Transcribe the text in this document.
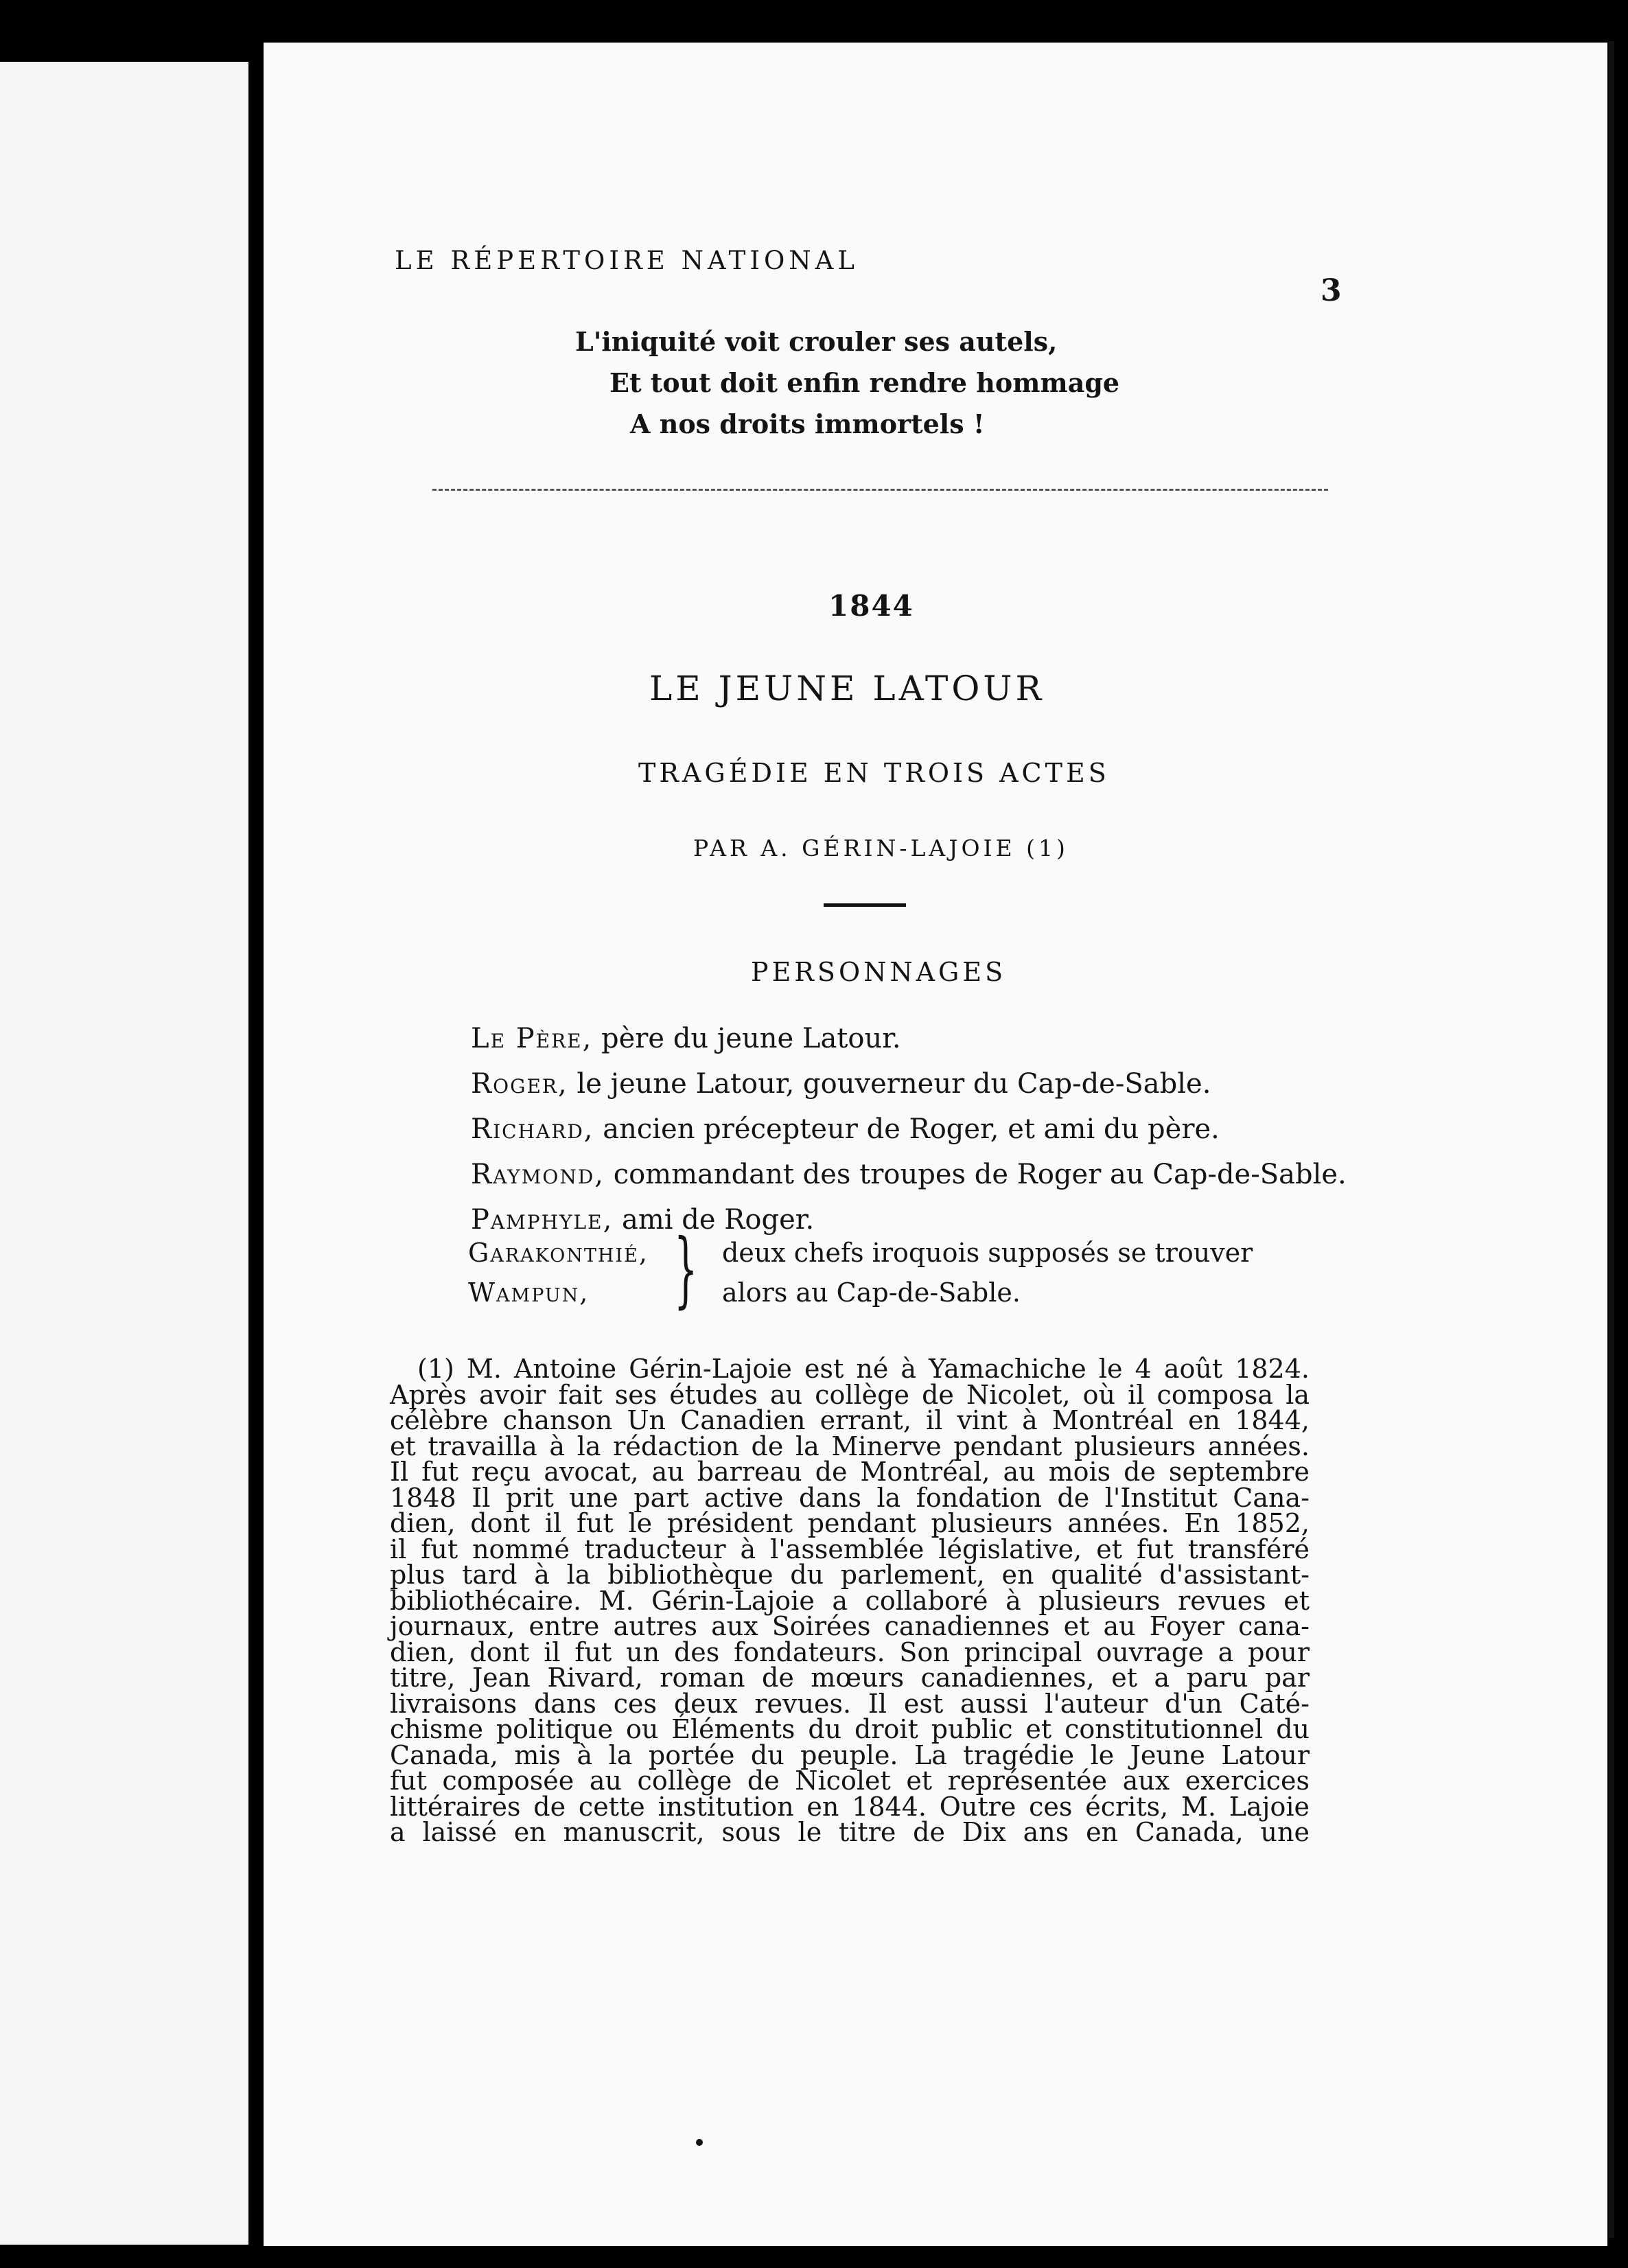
LE RÉPERTOIRE NATIONAL
3
L'iniquité voit crouler ses autels,
Et tout doit enfin rendre hommage
A nos droits immortels !
1844
LE JEUNE LATOUR
TRAGÉDIE EN TROIS ACTES
PAR A. GÉRIN-LAJOIE (1)
PERSONNAGES
Le Père, père du jeune Latour.
Roger, le jeune Latour, gouverneur du Cap-de-Sable.
Richard, ancien précepteur de Roger, et ami du père.
Raymond, commandant des troupes de Roger au Cap-de-Sable.
Pamphyle, ami de Roger.
Garakonthié,
Wampun,	} deux chefs iroquois supposés se trouver
alors au Cap-de-Sable.

(1) M. Antoine Gérin-Lajoie est né à Yamachiche le 4 août 1824.

Après avoir fait ses études au collège de Nicolet, où il composa la

célèbre chanson Un Canadien errant, il vint à Montréal en 1844,

et travailla à la rédaction de la Minerve pendant plusieurs années.

Il fut reçu avocat, au barreau de Montréal, au mois de septembre

1848 Il prit une part active dans la fondation de l'Institut Cana-

dien, dont il fut le président pendant plusieurs années. En 1852,

il fut nommé traducteur à l'assemblée législative, et fut transféré

plus tard à la bibliothèque du parlement, en qualité d'assistant-

bibliothécaire. M. Gérin-Lajoie a collaboré à plusieurs revues et

journaux, entre autres aux Soirées canadiennes et au Foyer cana-

dien, dont il fut un des fondateurs. Son principal ouvrage a pour

titre, Jean Rivard, roman de mœurs canadiennes, et a paru par

livraisons dans ces deux revues. Il est aussi l'auteur d'un Caté-

chisme politique ou Éléments du droit public et constitutionnel du

Canada, mis à la portée du peuple. La tragédie le Jeune Latour

fut composée au collège de Nicolet et représentée aux exercices

littéraires de cette institution en 1844. Outre ces écrits, M. Lajoie

a laissé en manuscrit, sous le titre de Dix ans en Canada, une
